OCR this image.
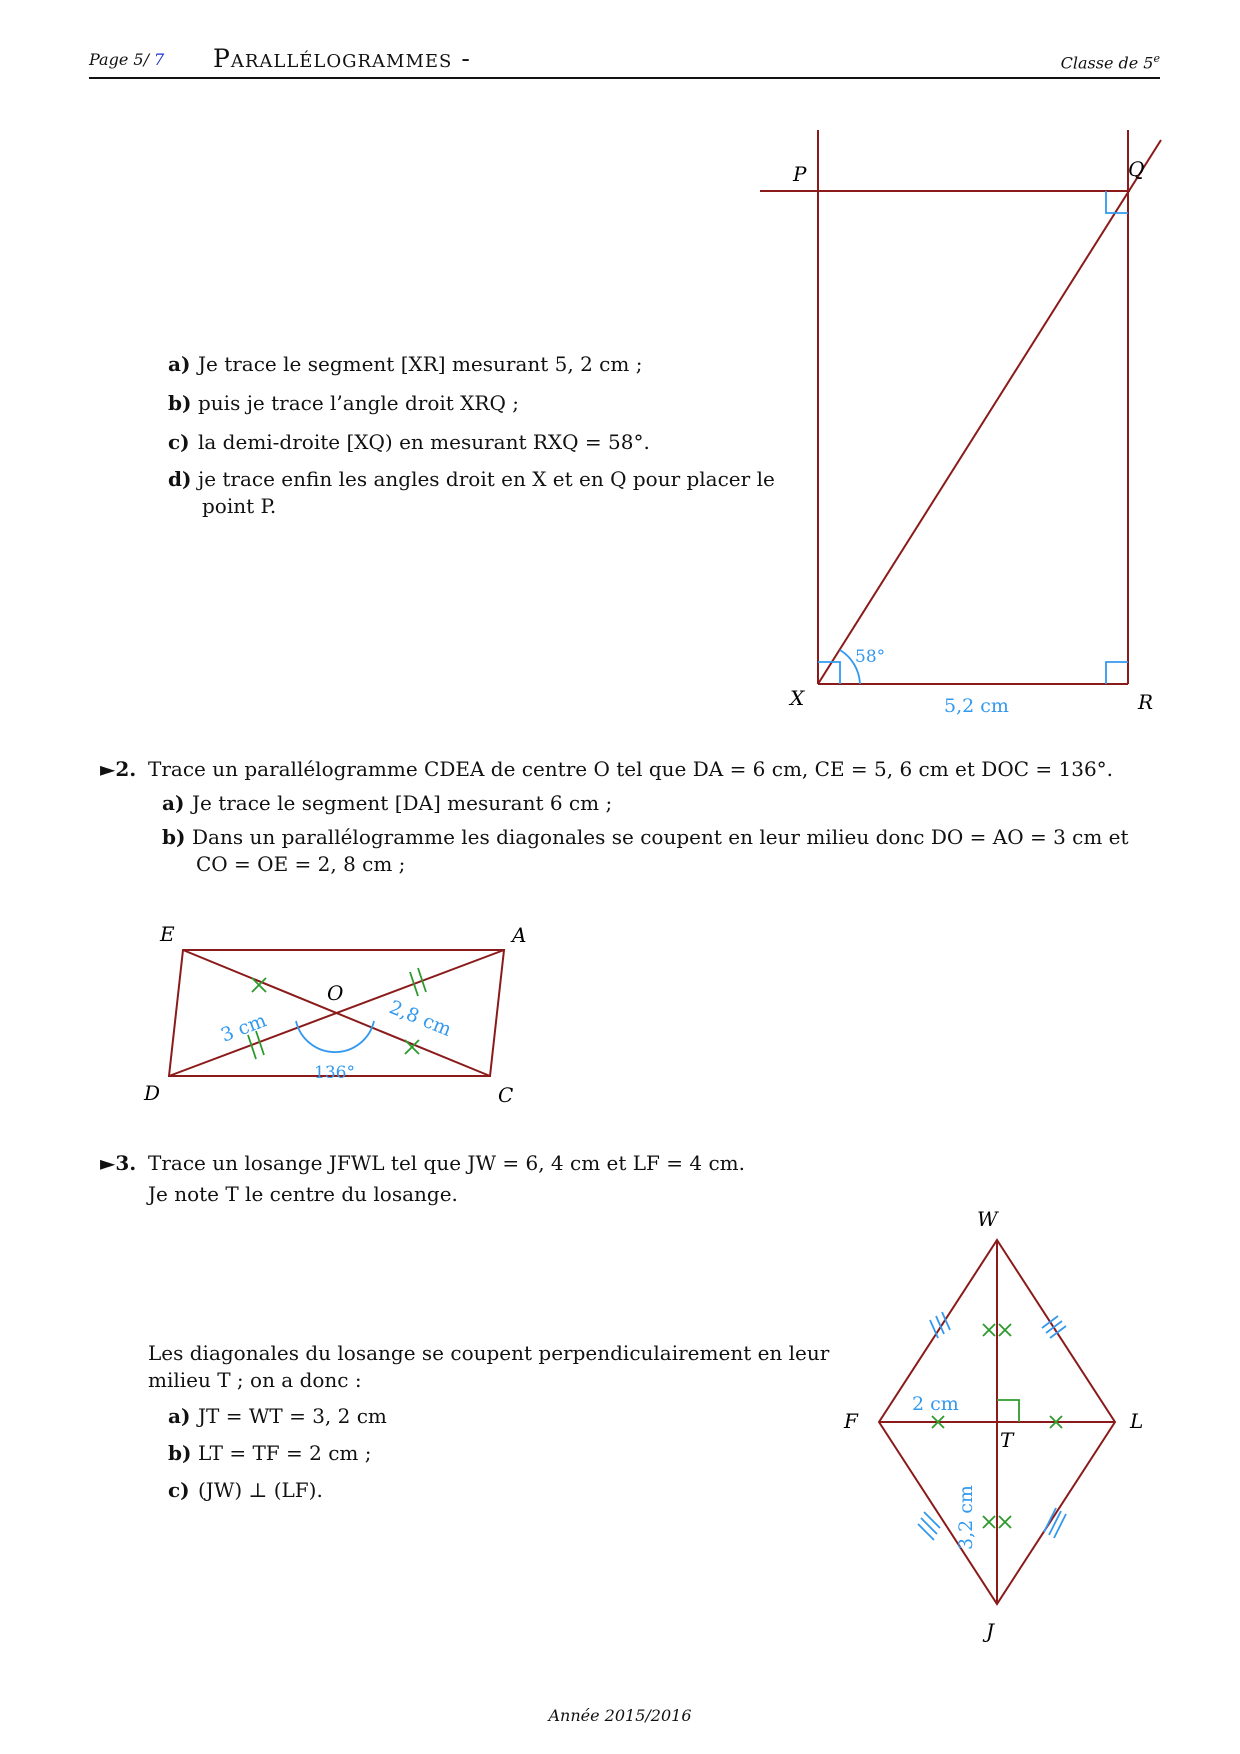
Page 5/ 7 Parallélogrammes -	Classe de 5e
a) Je trace le segment [XR] mesurant 5, 2 cm ;
b) puis je trace l’angle droit XRQ ;
c) la demi-droite [XQ) en mesurant RXQ = 58°.
d) je trace enfin les angles droit en X et en Q pour placer le
point P.
P	Q
X	R
58°
5,2 cm
►2. Trace un parallélogramme CDEA de centre O tel que DA = 6 cm, CE = 5, 6 cm et DOC = 136°.
a) Je trace le segment [DA] mesurant 6 cm ;
b) Dans un parallélogramme les diagonales se coupent en leur milieu donc DO = AO = 3 cm et
CO = OE = 2, 8 cm ;
E	A
O
D	C
3 cm	2,8 cm
136°
►3. Trace un losange JFWL tel que JW = 6, 4 cm et LF = 4 cm.
Je note T le centre du losange.
Les diagonales du losange se coupent perpendiculairement en leur
milieu T ; on a donc :
a) JT = WT = 3, 2 cm
b) LT = TF = 2 cm ;
c) (JW) ⊥ (LF).
W
F	L
T
J
2 cm
3,2 cm
Année 2015/2016
